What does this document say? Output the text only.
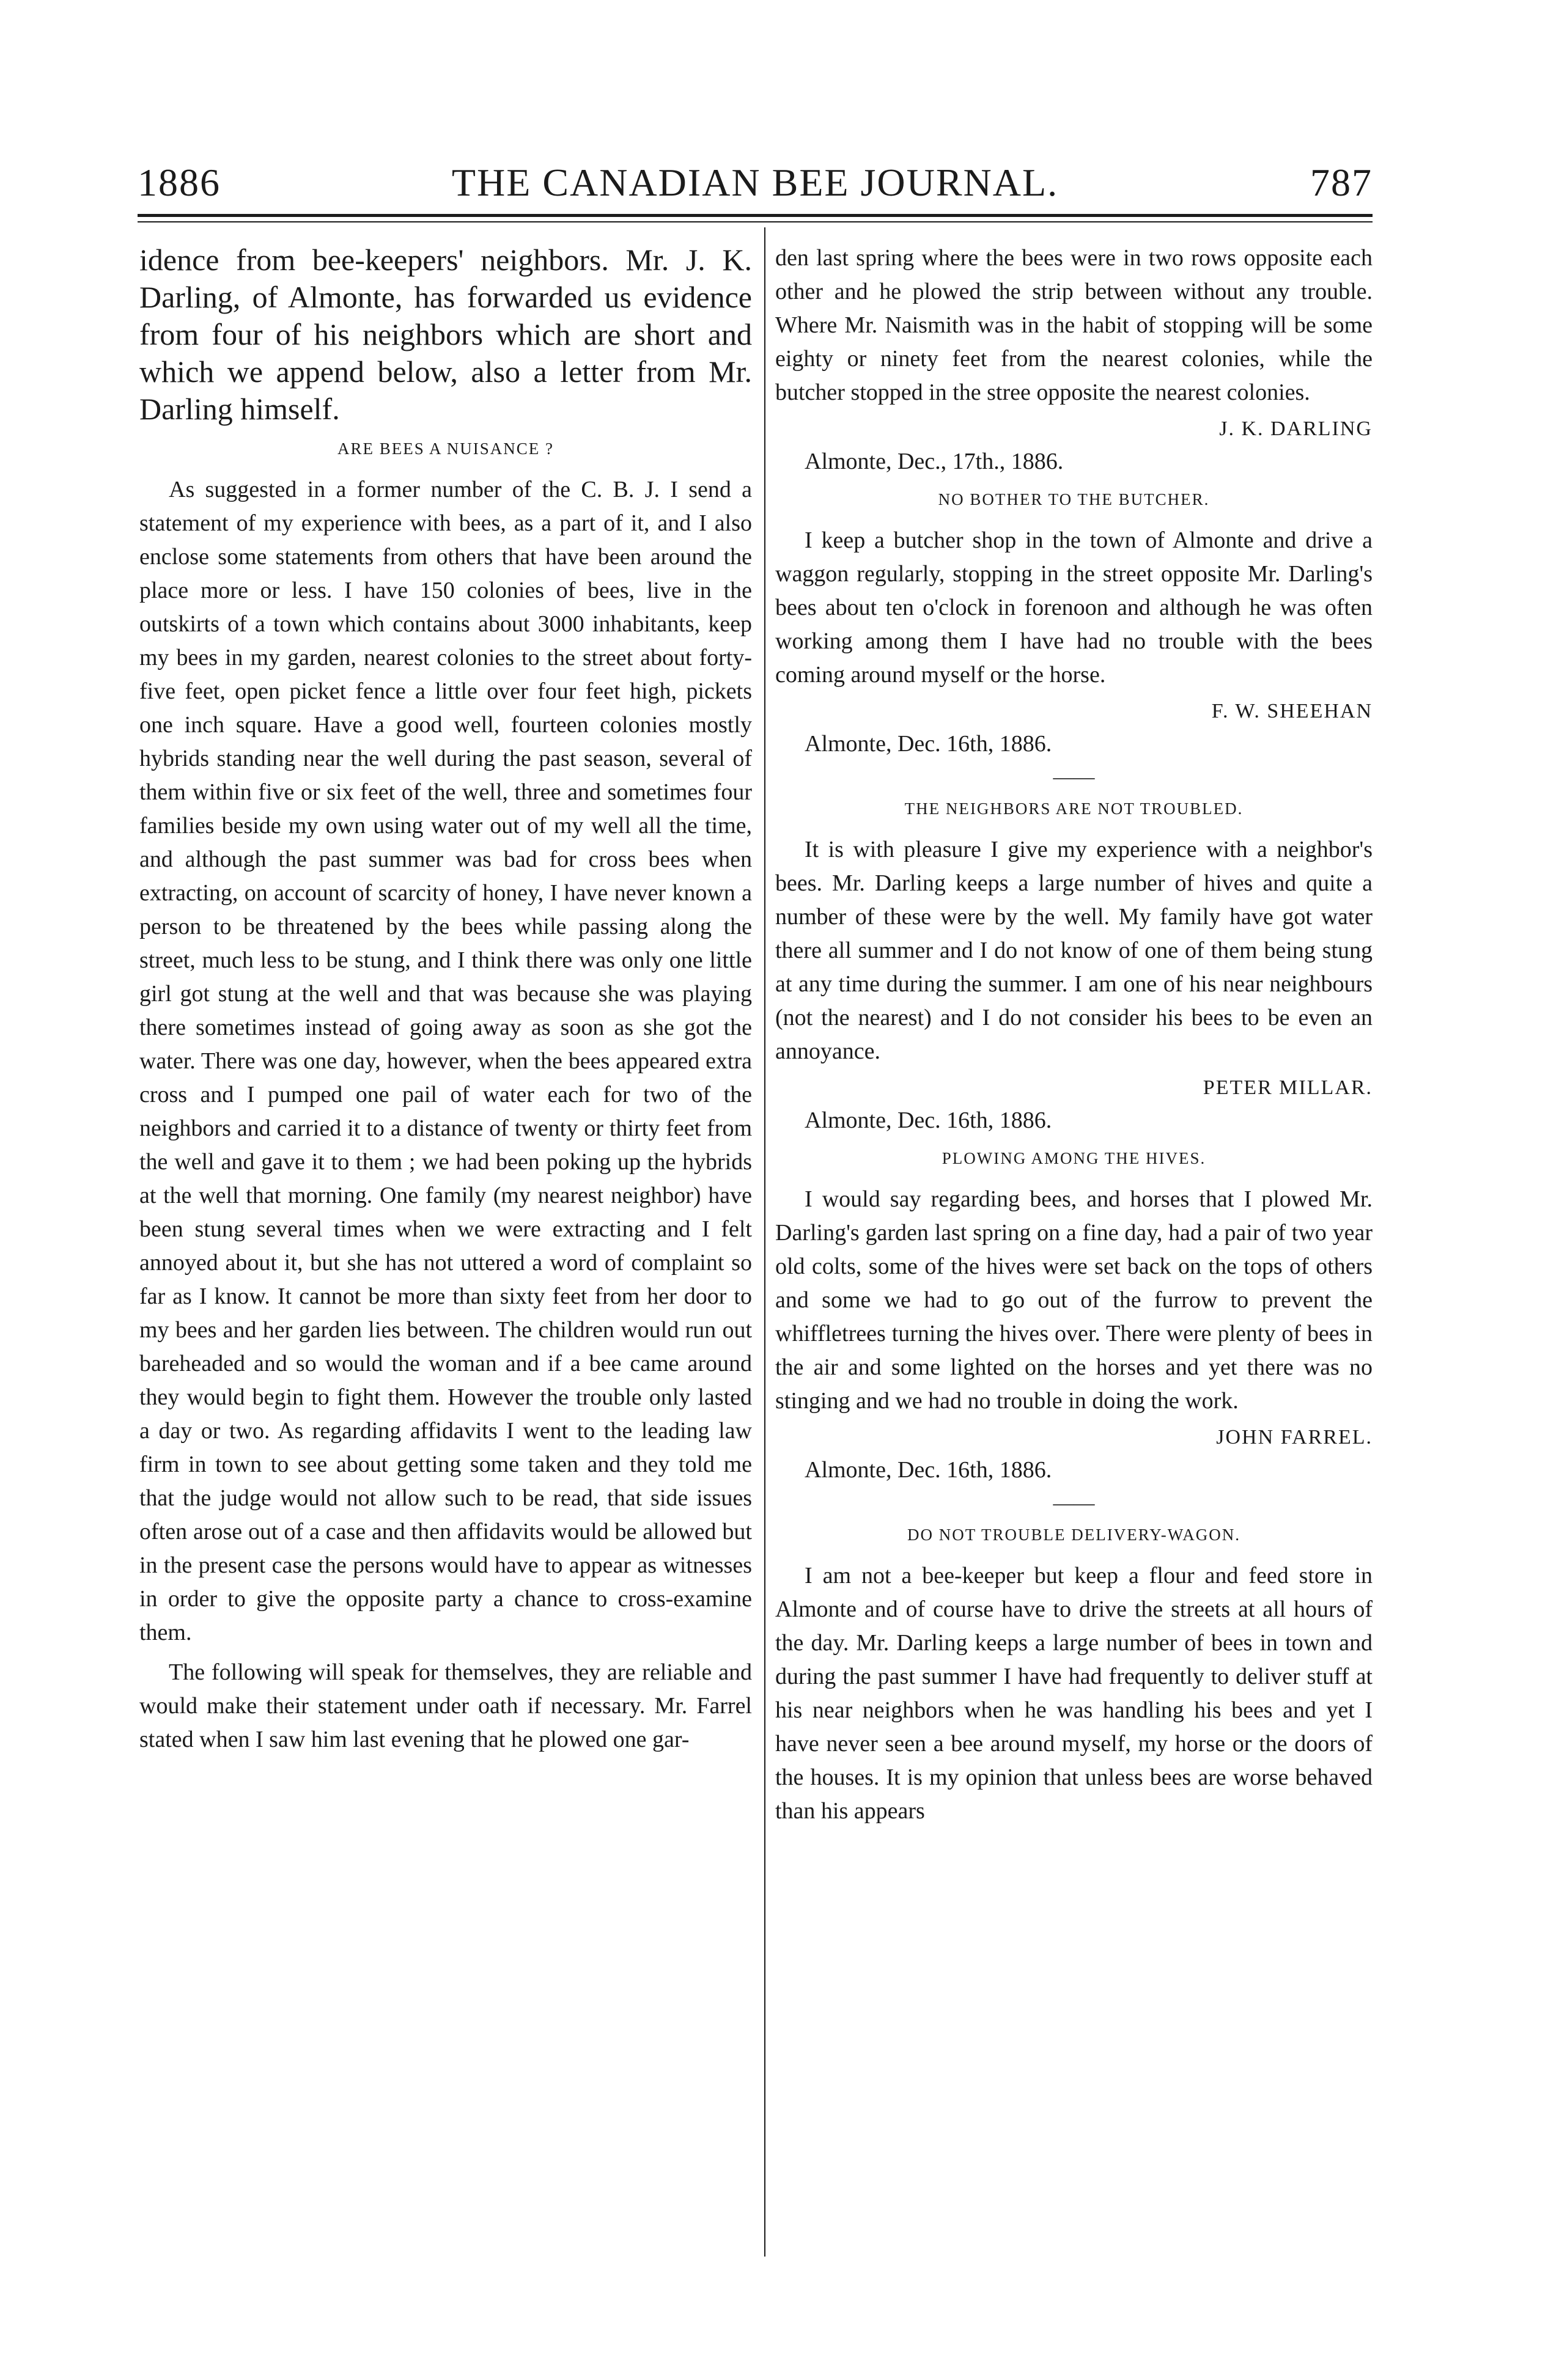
1886	THE CANADIAN BEE JOURNAL.	787

idence from bee-keepers' neighbors. Mr. J. K. Darling, of Almonte, has forwarded us evidence from four of his neighbors which are short and which we append below, also a letter from Mr. Darling himself.

ARE BEES A NUISANCE ?

As suggested in a former number of the C. B. J. I send a statement of my experience with bees, as a part of it, and I also enclose some statements from others that have been around the place more or less. I have 150 colonies of bees, live in the outskirts of a town which contains about 3000 inhabitants, keep my bees in my garden, nearest colonies to the street about forty-five feet, open picket fence a little over four feet high, pickets one inch square. Have a good well, fourteen colonies mostly hybrids standing near the well during the past season, several of them within five or six feet of the well, three and sometimes four families beside my own using water out of my well all the time, and although the past summer was bad for cross bees when extracting, on account of scarcity of honey, I have never known a person to be threatened by the bees while passing along the street, much less to be stung, and I think there was only one little girl got stung at the well and that was because she was playing there sometimes instead of going away as soon as she got the water. There was one day, however, when the bees appeared extra cross and I pumped one pail of water each for two of the neighbors and carried it to a distance of twenty or thirty feet from the well and gave it to them ; we had been poking up the hybrids at the well that morning. One family (my nearest neighbor) have been stung several times when we were extracting and I felt annoyed about it, but she has not uttered a word of complaint so far as I know. It cannot be more than sixty feet from her door to my bees and her garden lies between. The children would run out bareheaded and so would the woman and if a bee came around they would begin to fight them. However the trouble only lasted a day or two. As regarding affidavits I went to the leading law firm in town to see about getting some taken and they told me that the judge would not allow such to be read, that side issues often arose out of a case and then affidavits would be allowed but in the present case the persons would have to appear as witnesses in order to give the opposite party a chance to cross-examine them.

The following will speak for themselves, they are reliable and would make their statement under oath if necessary. Mr. Farrel stated when I saw him last evening that he plowed one gar-

den last spring where the bees were in two rows opposite each other and he plowed the strip between without any trouble. Where Mr. Naismith was in the habit of stopping will be some eighty or ninety feet from the nearest colonies, while the butcher stopped in the stree opposite the nearest colonies.

J. K. DARLING
Almonte, Dec., 17th., 1886.
NO BOTHER TO THE BUTCHER.

I keep a butcher shop in the town of Almonte and drive a waggon regularly, stopping in the street opposite Mr. Darling's bees about ten o'clock in forenoon and although he was often working among them I have had no trouble with the bees coming around myself or the horse.

F. W. SHEEHAN
Almonte, Dec. 16th, 1886.
——
THE NEIGHBORS ARE NOT TROUBLED.

It is with pleasure I give my experience with a neighbor's bees. Mr. Darling keeps a large number of hives and quite a number of these were by the well. My family have got water there all summer and I do not know of one of them being stung at any time during the summer. I am one of his near neighbours (not the nearest) and I do not consider his bees to be even an annoyance.

PETER MILLAR.
Almonte, Dec. 16th, 1886.
PLOWING AMONG THE HIVES.

I would say regarding bees, and horses that I plowed Mr. Darling's garden last spring on a fine day, had a pair of two year old colts, some of the hives were set back on the tops of others and some we had to go out of the furrow to prevent the whiffletrees turning the hives over. There were plenty of bees in the air and some lighted on the horses and yet there was no stinging and we had no trouble in doing the work.

JOHN FARREL.
Almonte, Dec. 16th, 1886.
——
DO NOT TROUBLE DELIVERY-WAGON.

I am not a bee-keeper but keep a flour and feed store in Almonte and of course have to drive the streets at all hours of the day. Mr. Darling keeps a large number of bees in town and during the past summer I have had frequently to deliver stuff at his near neighbors when he was handling his bees and yet I have never seen a bee around myself, my horse or the doors of the houses. It is my opinion that unless bees are worse behaved than his appears
